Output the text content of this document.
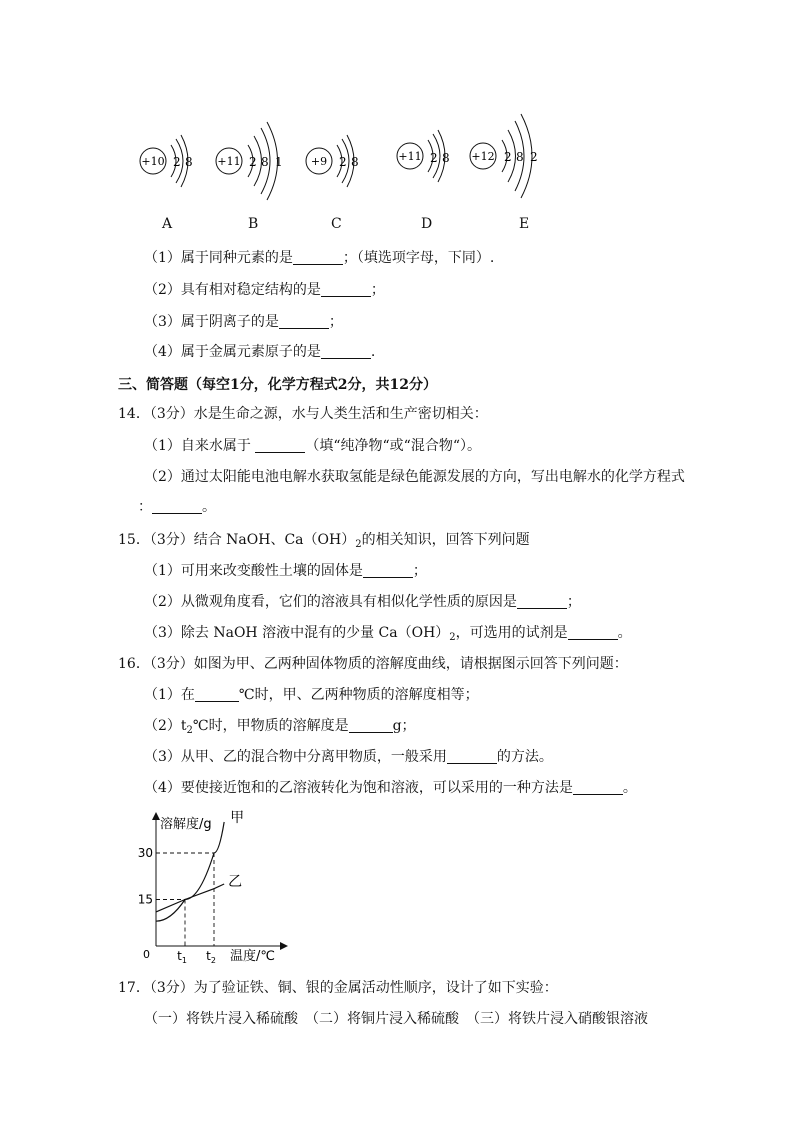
+10 2 8 +11 2 8 1	+9 2 8	+11 2 8 +12 2 8 2
A	B	C	D	E
（1）属于同种元素的是	；（填选项字母，下同）.
（2）具有相对稳定结构的是	；
（3）属于阴离子的是	；
（4）属于金属元素原子的是	.
三、简答题（每空1分，化学方程式2分，共12分）
14．（3分）水是生命之源，水与人类生活和生产密切相关：
（1）自来水属于	（填“纯净物“或“混合物“）。
（2）通过太阳能电池电解水获取氢能是绿色能源发展的方向，写出电解水的化学方程式
：	。
15．（3分）结合 NaOH、$Ca(OH)_2$的相关知识，回答下列问题
（1）可用来改变酸性土壤的固体是	；
（2）从微观角度看，它们的溶液具有相似化学性质的原因是	；
（3）除去 NaOH 溶液中混有的少量 $Ca(OH)_2$，可选用的试剂是	。
16．（3分）如图为甲、乙两种固体物质的溶解度曲线，请根据图示回答下列问题：
（1）在	℃时，甲、乙两种物质的溶解度相等；
$(2)t_2℃$时，甲物质的溶解度是	g；
（3）从甲、乙的混合物中分离甲物质，一般采用	的方法。
（4）要使接近饱和的乙溶液转化为饱和溶液，可以采用的一种方法是	。
溶解度/g
温度/℃
0
15
30
$t_1$ $t_2$
甲
乙
17．（3分）为了验证铁、铜、银的金属活动性顺序，设计了如下实验：
（一）将铁片浸入稀硫酸　（二）将铜片浸入稀硫酸　（三）将铁片浸入硝酸银溶液
